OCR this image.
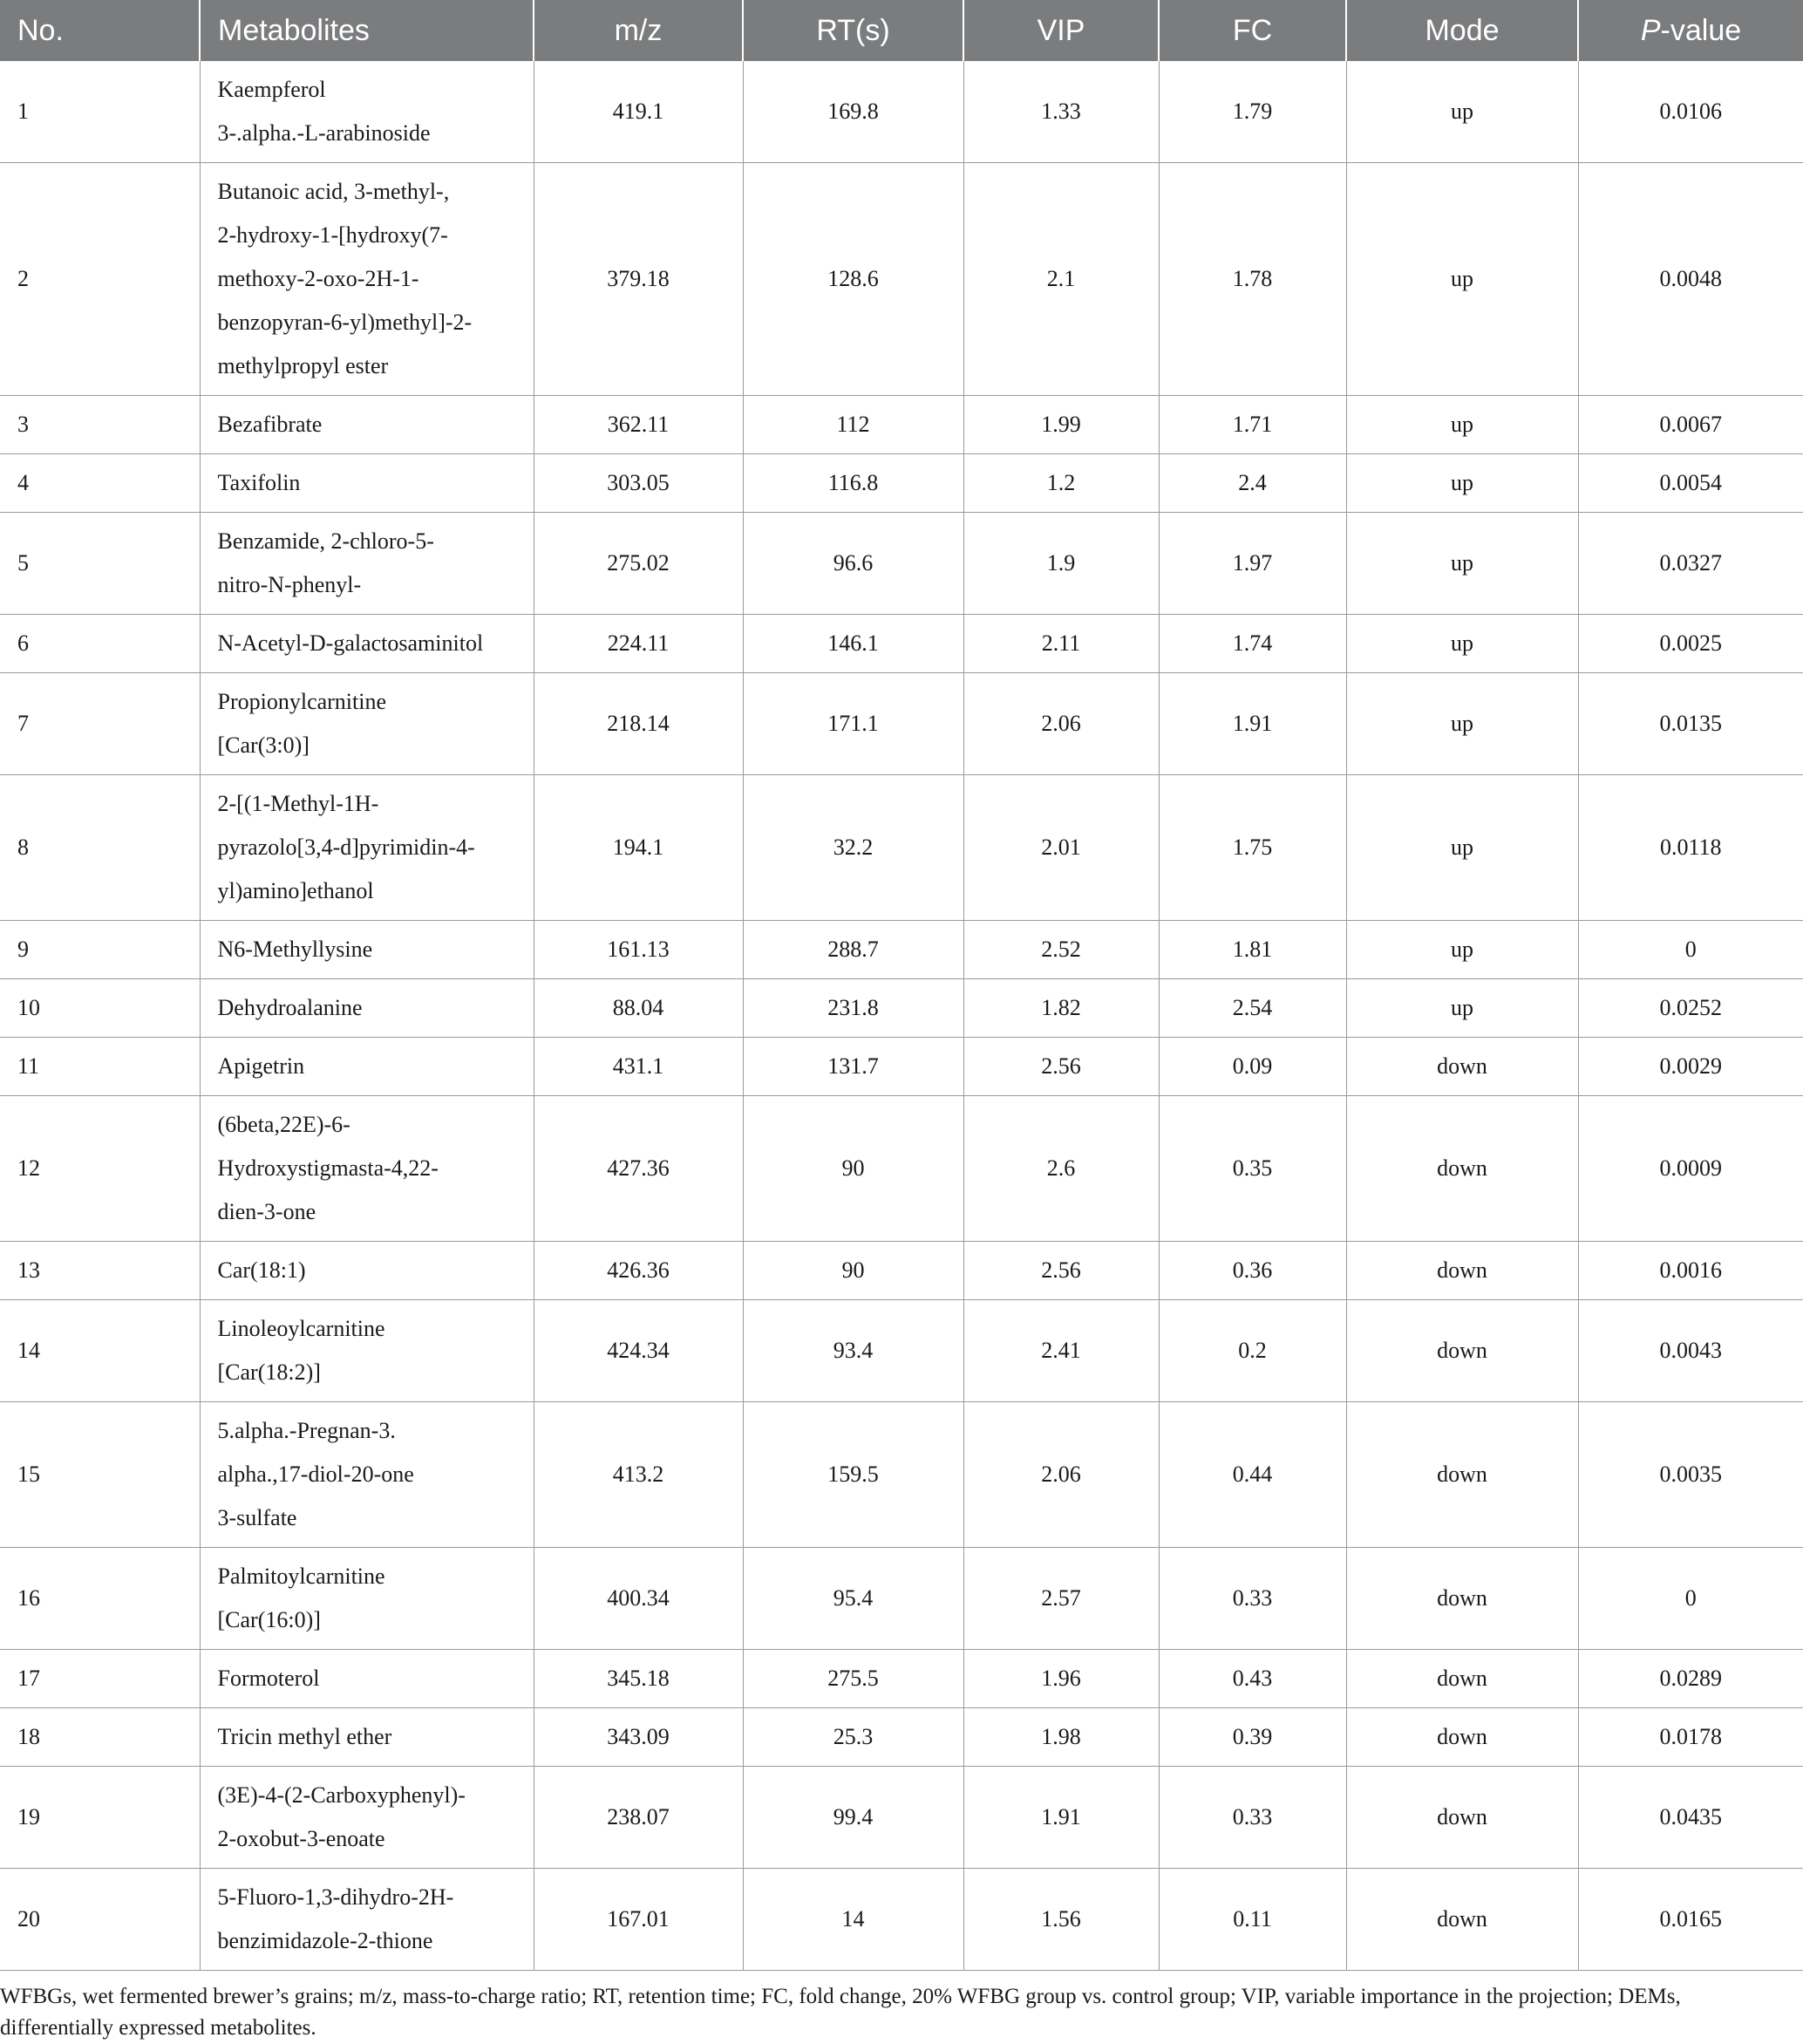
No.	Metabolites	m/z	RT(s)	VIP	FC	Mode	P-value
1	Kaempferol
3-.alpha.-L-arabinoside	419.1	169.8	1.33	1.79	up	0.0106
2	Butanoic acid, 3-methyl-,
2-hydroxy-1-[hydroxy(7-
methoxy-2-oxo-2H-1-
benzopyran-6-yl)methyl]-2-
methylpropyl ester	379.18	128.6	2.1	1.78	up	0.0048
3	Bezafibrate	362.11	112	1.99	1.71	up	0.0067
4	Taxifolin	303.05	116.8	1.2	2.4	up	0.0054
5	Benzamide, 2-chloro-5-
nitro-N-phenyl-	275.02	96.6	1.9	1.97	up	0.0327
6	N-Acetyl-D-galactosaminitol	224.11	146.1	2.11	1.74	up	0.0025
7	Propionylcarnitine
[Car(3:0)]	218.14	171.1	2.06	1.91	up	0.0135
8	2-[(1-Methyl-1H-
pyrazolo[3,4-d]pyrimidin-4-
yl)amino]ethanol	194.1	32.2	2.01	1.75	up	0.0118
9	N6-Methyllysine	161.13	288.7	2.52	1.81	up	0
10	Dehydroalanine	88.04	231.8	1.82	2.54	up	0.0252
11	Apigetrin	431.1	131.7	2.56	0.09	down	0.0029
12	(6beta,22E)-6-
Hydroxystigmasta-4,22-
dien-3-one	427.36	90	2.6	0.35	down	0.0009
13	Car(18:1)	426.36	90	2.56	0.36	down	0.0016
14	Linoleoylcarnitine
[Car(18:2)]	424.34	93.4	2.41	0.2	down	0.0043
15	5.alpha.-Pregnan-3.
alpha.,17-diol-20-one
3-sulfate	413.2	159.5	2.06	0.44	down	0.0035
16	Palmitoylcarnitine
[Car(16:0)]	400.34	95.4	2.57	0.33	down	0
17	Formoterol	345.18	275.5	1.96	0.43	down	0.0289
18	Tricin methyl ether	343.09	25.3	1.98	0.39	down	0.0178
19	(3E)-4-(2-Carboxyphenyl)-
2-oxobut-3-enoate	238.07	99.4	1.91	0.33	down	0.0435
20	5-Fluoro-1,3-dihydro-2H-
benzimidazole-2-thione	167.01	14	1.56	0.11	down	0.0165
WFBGs, wet fermented brewer’s grains; m/z, mass-to-charge ratio; RT, retention time; FC, fold change, 20% WFBG group vs. control group; VIP, variable importance in the projection; DEMs, differentially expressed metabolites.
